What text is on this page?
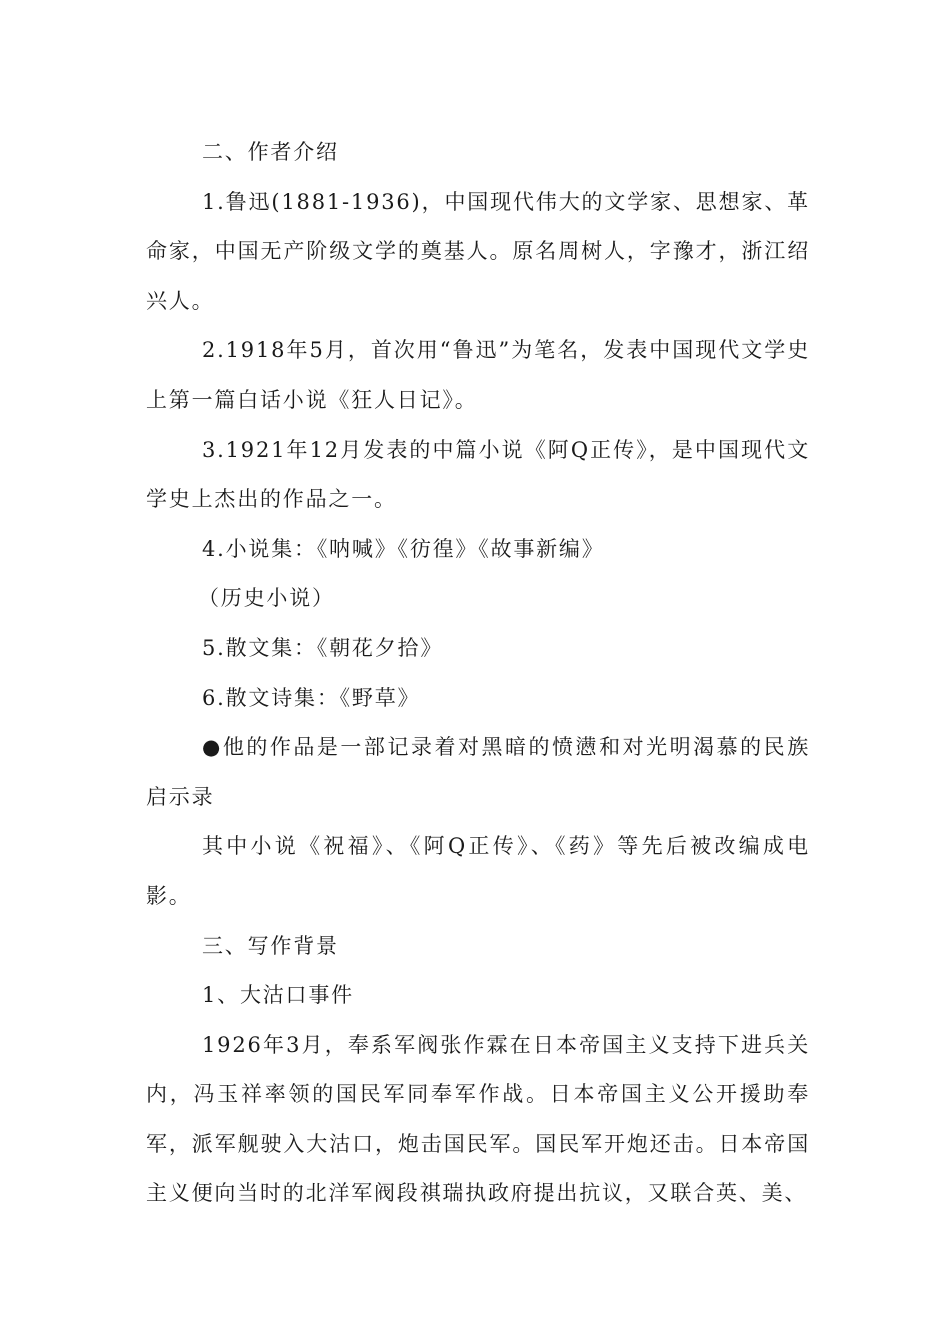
二、作者介绍

1.鲁迅(1881-1936)，中国现代伟大的文学家、思想家、革命家，中国无产阶级文学的奠基人。原名周树人，字豫才，浙江绍兴人。

2.1918年5月，首次用“鲁迅”为笔名，发表中国现代文学史上第一篇白话小说《狂人日记》。

3.1921年12月发表的中篇小说《阿Q正传》，是中国现代文学史上杰出的作品之一。

4.小说集：《呐喊》《彷徨》《故事新编》

（历史小说）

5.散文集：《朝花夕拾》

6.散文诗集：《野草》

●他的作品是一部记录着对黑暗的愤懑和对光明渴慕的民族启示录

其中小说《祝福》、《阿Q正传》、《药》等先后被改编成电影。

三、写作背景

1、大沽口事件

1926年3月，奉系军阀张作霖在日本帝国主义支持下进兵关内，冯玉祥率领的国民军同奉军作战。日本帝国主义公开援助奉军，派军舰驶入大沽口，炮击国民军。国民军开炮还击。日本帝国主义便向当时的北洋军阀段祺瑞执政府提出抗议，又联合英、美、
